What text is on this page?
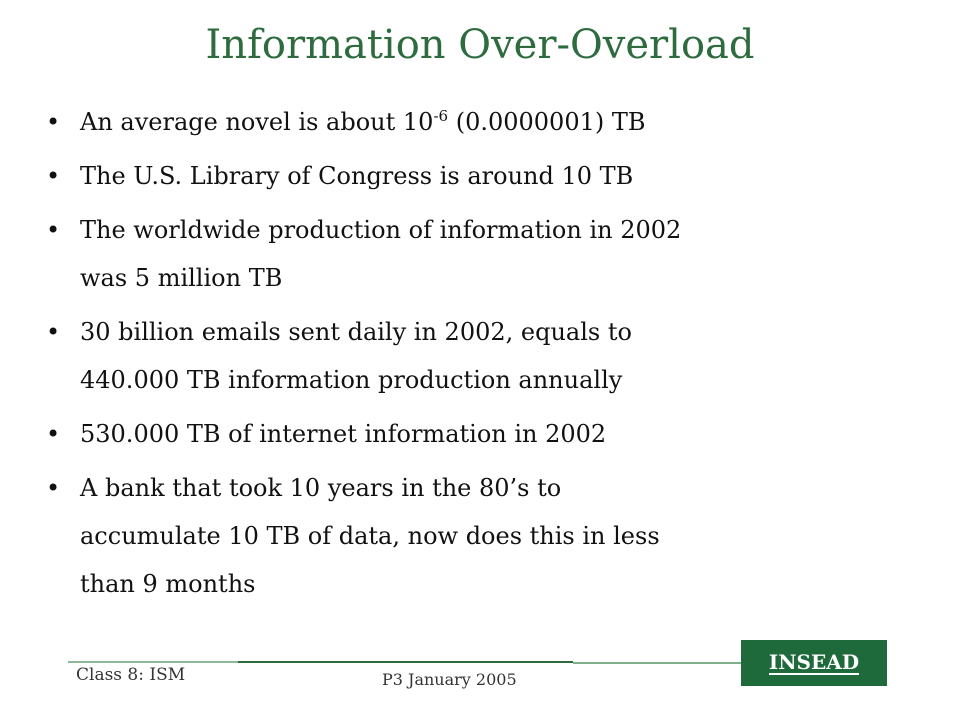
Information Over-Overload
• An average novel is about $10^{-6}$ (0.0000001) TB
• The U.S. Library of Congress is around 10 TB
• The worldwide production of information in 2002
was 5 million TB
• 30 billion emails sent daily in 2002, equals to
440.000 TB information production annually
• 530.000 TB of internet information in 2002
• A bank that took 10 years in the 80’s to
accumulate 10 TB of data, now does this in less
than 9 months
Class 8: ISM	P3 January 2005
INSEAD
